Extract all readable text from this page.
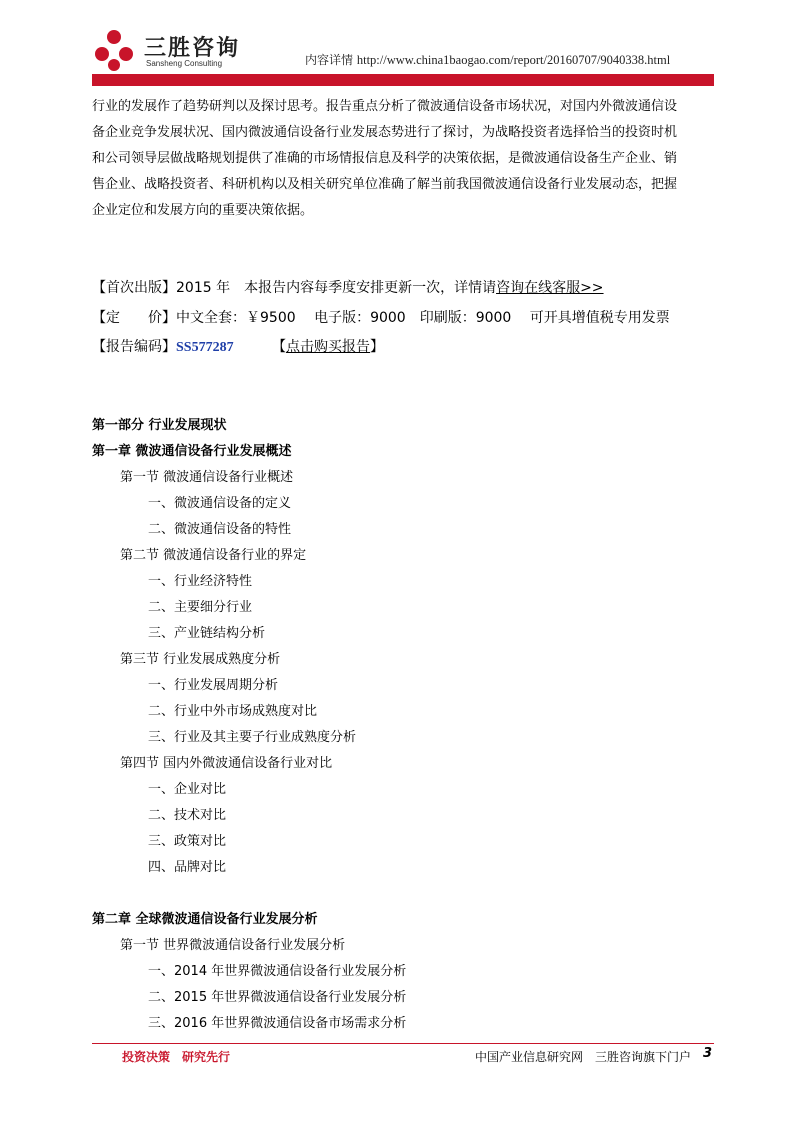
三胜咨询
Sansheng Consulting	内容详情 http://www.china1baogao.com/report/20160707/9040338.html
行业的发展作了趋势研判以及探讨思考。报告重点分析了微波通信设备市场状况，对国内外微波通信设
备企业竞争发展状况、国内微波通信设备行业发展态势进行了探讨，为战略投资者选择恰当的投资时机
和公司领导层做战略规划提供了准确的市场情报信息及科学的决策依据，是微波通信设备生产企业、销
售企业、战略投资者、科研机构以及相关研究单位准确了解当前我国微波通信设备行业发展动态，把握
企业定位和发展方向的重要决策依据。
【首次出版】2015 年　本报告内容每季度安排更新一次，详情请咨询在线客服>>
【定　　价】中文全套：￥9500　 电子版：9000　印刷版：9000　 可开具增值税专用发票
【报告编码】SS577287	【点击购买报告】
第一部分 行业发展现状
第一章 微波通信设备行业发展概述
第一节 微波通信设备行业概述
一、微波通信设备的定义
二、微波通信设备的特性
第二节 微波通信设备行业的界定
一、行业经济特性
二、主要细分行业
三、产业链结构分析
第三节 行业发展成熟度分析
一、行业发展周期分析
二、行业中外市场成熟度对比
三、行业及其主要子行业成熟度分析
第四节 国内外微波通信设备行业对比
一、企业对比
二、技术对比
三、政策对比
四、品牌对比
第二章 全球微波通信设备行业发展分析
第一节 世界微波通信设备行业发展分析
一、2014 年世界微波通信设备行业发展分析
二、2015 年世界微波通信设备行业发展分析
三、2016 年世界微波通信设备市场需求分析
投资决策　研究先行	中国产业信息研究网　三胜咨询旗下门户 3
